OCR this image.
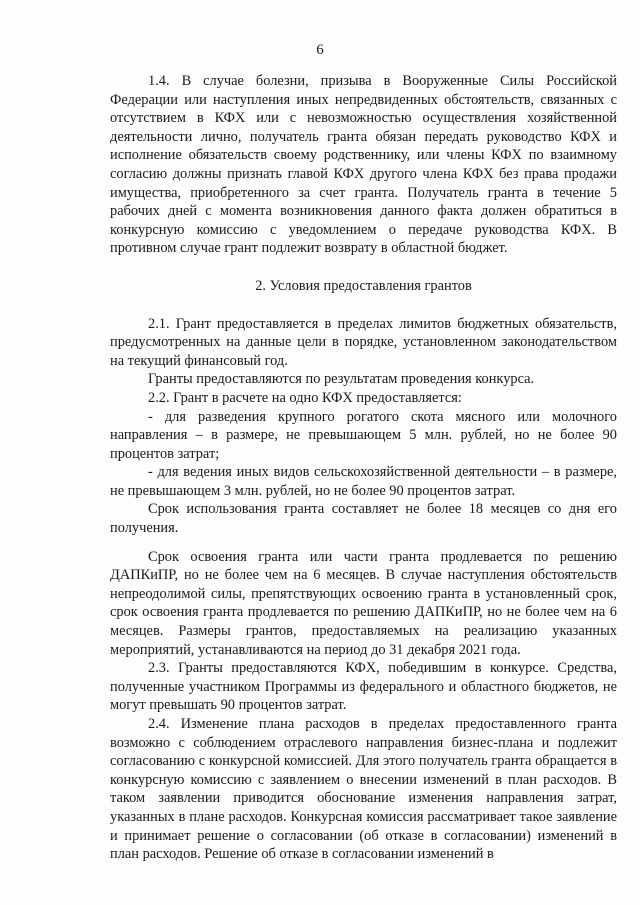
6

1.4. В случае болезни, призыва в Вооруженные Силы Российской Федерации или наступления иных непредвиденных обстоятельств, связанных с отсутствием в КФХ или с невозможностью осуществления хозяйственной деятельности лично, получатель гранта обязан передать руководство КФХ и исполнение обязательств своему родственнику, или члены КФХ по взаимному согласию должны признать главой КФХ другого члена КФХ без права продажи имущества, приобретенного за счет гранта. Получатель гранта в течение 5 рабочих дней с момента возникновения данного факта должен обратиться в конкурсную комиссию с уведомлением о передаче руководства КФХ. В противном случае грант подлежит возврату в областной бюджет.

2. Условия предоставления грантов

2.1. Грант предоставляется в пределах лимитов бюджетных обязательств, предусмотренных на данные цели в порядке, установленном законодательством на текущий финансовый год.

Гранты предоставляются по результатам проведения конкурса.

2.2. Грант в расчете на одно КФХ предоставляется:

- для разведения крупного рогатого скота мясного или молочного направления – в размере, не превышающем 5 млн. рублей, но не более 90 процентов затрат;

- для ведения иных видов сельскохозяйственной деятельности – в размере, не превышающем 3 млн. рублей, но не более 90 процентов затрат.

Срок использования гранта составляет не более 18 месяцев со дня его получения.

Срок освоения гранта или части гранта продлевается по решению ДАПКиПР, но не более чем на 6 месяцев. В случае наступления обстоятельств непреодолимой силы, препятствующих освоению гранта в установленный срок, срок освоения гранта продлевается по решению ДАПКиПР, но не более чем на 6 месяцев. Размеры грантов, предоставляемых на реализацию указанных мероприятий, устанавливаются на период до 31 декабря 2021 года.

2.3. Гранты предоставляются КФХ, победившим в конкурсе. Средства, полученные участником Программы из федерального и областного бюджетов, не могут превышать 90 процентов затрат.

2.4. Изменение плана расходов в пределах предоставленного гранта возможно с соблюдением отраслевого направления бизнес-плана и подлежит согласованию с конкурсной комиссией. Для этого получатель гранта обращается в конкурсную комиссию с заявлением о внесении изменений в план расходов. В таком заявлении приводится обоснование изменения направления затрат, указанных в плане расходов. Конкурсная комиссия рассматривает такое заявление и принимает решение о согласовании (об отказе в согласовании) изменений в план расходов. Решение об отказе в согласовании изменений в
